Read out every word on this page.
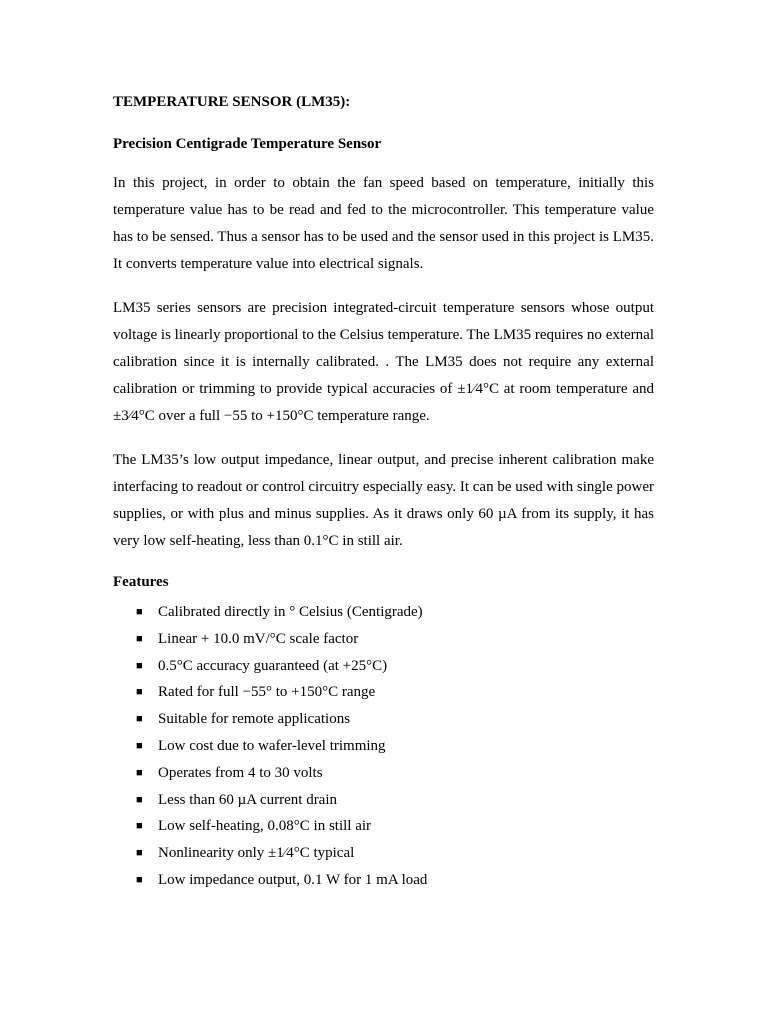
TEMPERATURE SENSOR (LM35):

Precision Centigrade Temperature Sensor

In this project, in order to obtain the fan speed based on temperature, initially this temperature value has to be read and fed to the microcontroller. This temperature value has to be sensed. Thus a sensor has to be used and the sensor used in this project is LM35. It converts temperature value into electrical signals.

LM35 series sensors are precision integrated-circuit temperature sensors whose output voltage is linearly proportional to the Celsius temperature. The LM35 requires no external calibration since it is internally calibrated. . The LM35 does not require any external calibration or trimming to provide typical accuracies of ±1⁄4°C at room temperature and ±3⁄4°C over a full −55 to +150°C temperature range.

The LM35’s low output impedance, linear output, and precise inherent calibration make interfacing to readout or control circuitry especially easy. It can be used with single power supplies, or with plus and minus supplies. As it draws only 60 µA from its supply, it has very low self-heating, less than 0.1°C in still air.

Features

■ Calibrated directly in ° Celsius (Centigrade)
■ Linear + 10.0 mV/°C scale factor
■ 0.5°C accuracy guaranteed (at +25°C)
■ Rated for full −55° to +150°C range
■ Suitable for remote applications
■ Low cost due to wafer-level trimming
■ Operates from 4 to 30 volts
■ Less than 60 µA current drain
■ Low self-heating, 0.08°C in still air
■ Nonlinearity only ±1⁄4°C typical
■ Low impedance output, 0.1 W for 1 mA load
